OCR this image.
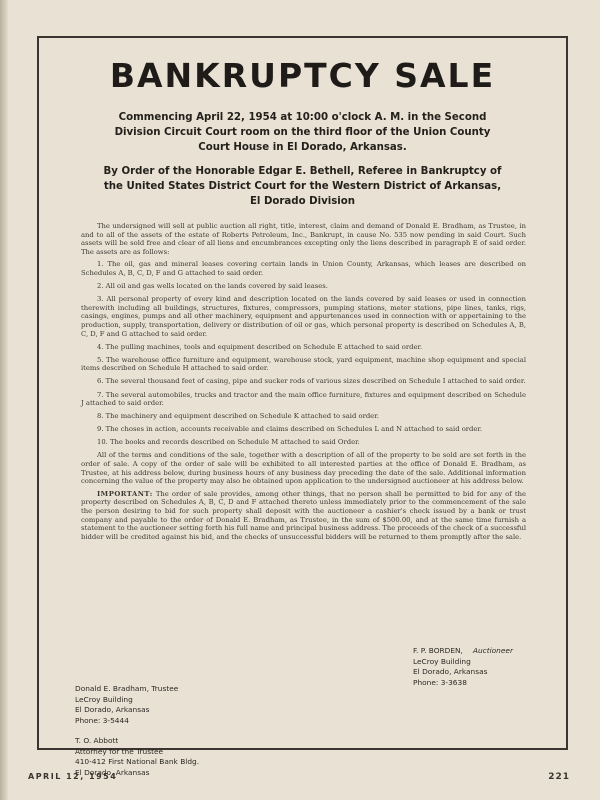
BANKRUPTCY SALE
Commencing April 22, 1954 at 10:00 o'clock A. M. in the Second Division Circuit Court room on the third floor of the Union County Court House in El Dorado, Arkansas.
By Order of the Honorable Edgar E. Bethell, Referee in Bankruptcy of the United States District Court for the Western District of Arkansas, El Dorado Division

The undersigned will sell at public auction all right, title, interest, claim and demand of Donald E. Bradham, as Trustee, in and to all of the assets of the estate of Roberts Petroleum, Inc., Bankrupt, in cause No. 535 now pending in said Court. Such assets will be sold free and clear of all liens and encumbrances excepting only the liens described in paragraph E of said order. The assets are as follows:

1. The oil, gas and mineral leases covering certain lands in Union County, Arkansas, which leases are described on Schedules A, B, C, D, F and G attached to said order.

2. All oil and gas wells located on the lands covered by said leases.

3. All personal property of every kind and description located on the lands covered by said leases or used in connection therewith including all buildings, structures, fixtures, compressors, pumping stations, meter stations, pipe lines, tanks, rigs, casings, engines, pumps and all other machinery, equipment and appurtenances used in connection with or appertaining to the production, supply, transportation, delivery or distribution of oil or gas, which personal property is described on Schedules A, B, C, D, F and G attached to said order.

4. The pulling machines, tools and equipment described on Schedule E attached to said order.

5. The warehouse office furniture and equipment, warehouse stock, yard equipment, machine shop equipment and special items described on Schedule H attached to said order.

6. The several thousand feet of casing, pipe and sucker rods of various sizes described on Schedule I attached to said order.

7. The several automobiles, trucks and tractor and the main office furniture, fixtures and equipment described on Schedule J attached to said order.

8. The machinery and equipment described on Schedule K attached to said order.

9. The choses in action, accounts receivable and claims described on Schedules L and N attached to said order.

10. The books and records described on Schedule M attached to said Order.

All of the terms and conditions of the sale, together with a description of all of the property to be sold are set forth in the order of sale. A copy of the order of sale will be exhibited to all interested parties at the office of Donald E. Bradham, as Trustee, at his address below, during business hours of any business day preceding the date of the sale. Additional information concerning the value of the property may also be obtained upon application to the undersigned auctioneer at his address below.

IMPORTANT: The order of sale provides, among other things, that no person shall be permitted to bid for any of the property described on Schedules A, B, C, D and F attached thereto unless immediately prior to the commencement of the sale the person desiring to bid for such property shall deposit with the auctioneer a cashier's check issued by a bank or trust company and payable to the order of Donald E. Bradham, as Trustee, in the sum of $500.00, and at the same time furnish a statement to the auctioneer setting forth his full name and principal business address. The proceeds of the check of a successful bidder will be credited against his bid, and the checks of unsuccessful bidders will be returned to them promptly after the sale.

F. P. BORDEN, Auctioneer
LeCroy Building
El Dorado, Arkansas
Phone: 3-3638
Donald E. Bradham, Trustee
LeCroy Building
El Dorado, Arkansas
Phone: 3-5444
T. O. Abbott
Attorney for the Trustee
410-412 First National Bank Bldg.
El Dorado, Arkansas
APRIL 12, 1954	221
